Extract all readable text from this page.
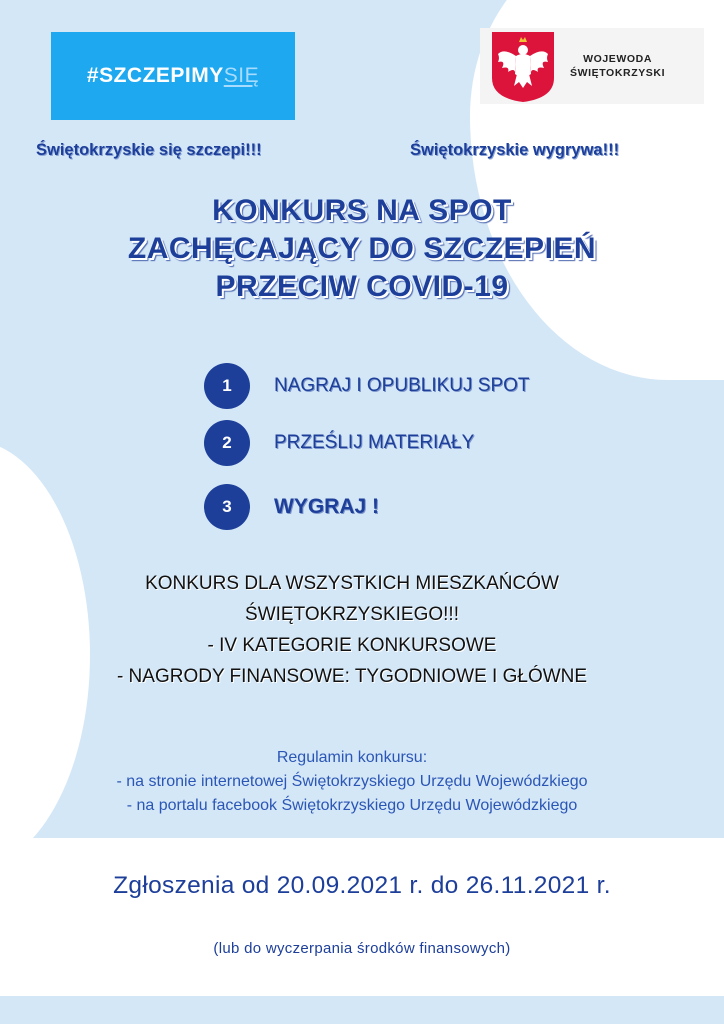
#SZCZEPIMYSIĘ
WOJEWODA
ŚWIĘTOKRZYSKI
Świętokrzyskie się szczepi!!!	Świętokrzyskie wygrywa!!!
KONKURS NA SPOT
ZACHĘCAJĄCY DO SZCZEPIEŃ
PRZECIW COVID-19
1	NAGRAJ I OPUBLIKUJ SPOT
2	PRZEŚLIJ MATERIAŁY
3	WYGRAJ !
KONKURS DLA WSZYSTKICH MIESZKAŃCÓW
ŚWIĘTOKRZYSKIEGO!!!
- IV KATEGORIE KONKURSOWE
- NAGRODY FINANSOWE: TYGODNIOWE I GŁÓWNE
Regulamin konkursu:
- na stronie internetowej Świętokrzyskiego Urzędu Wojewódzkiego
- na portalu facebook Świętokrzyskiego Urzędu Wojewódzkiego
Zgłoszenia od 20.09.2021 r. do 26.11.2021 r.
(lub do wyczerpania środków finansowych)
